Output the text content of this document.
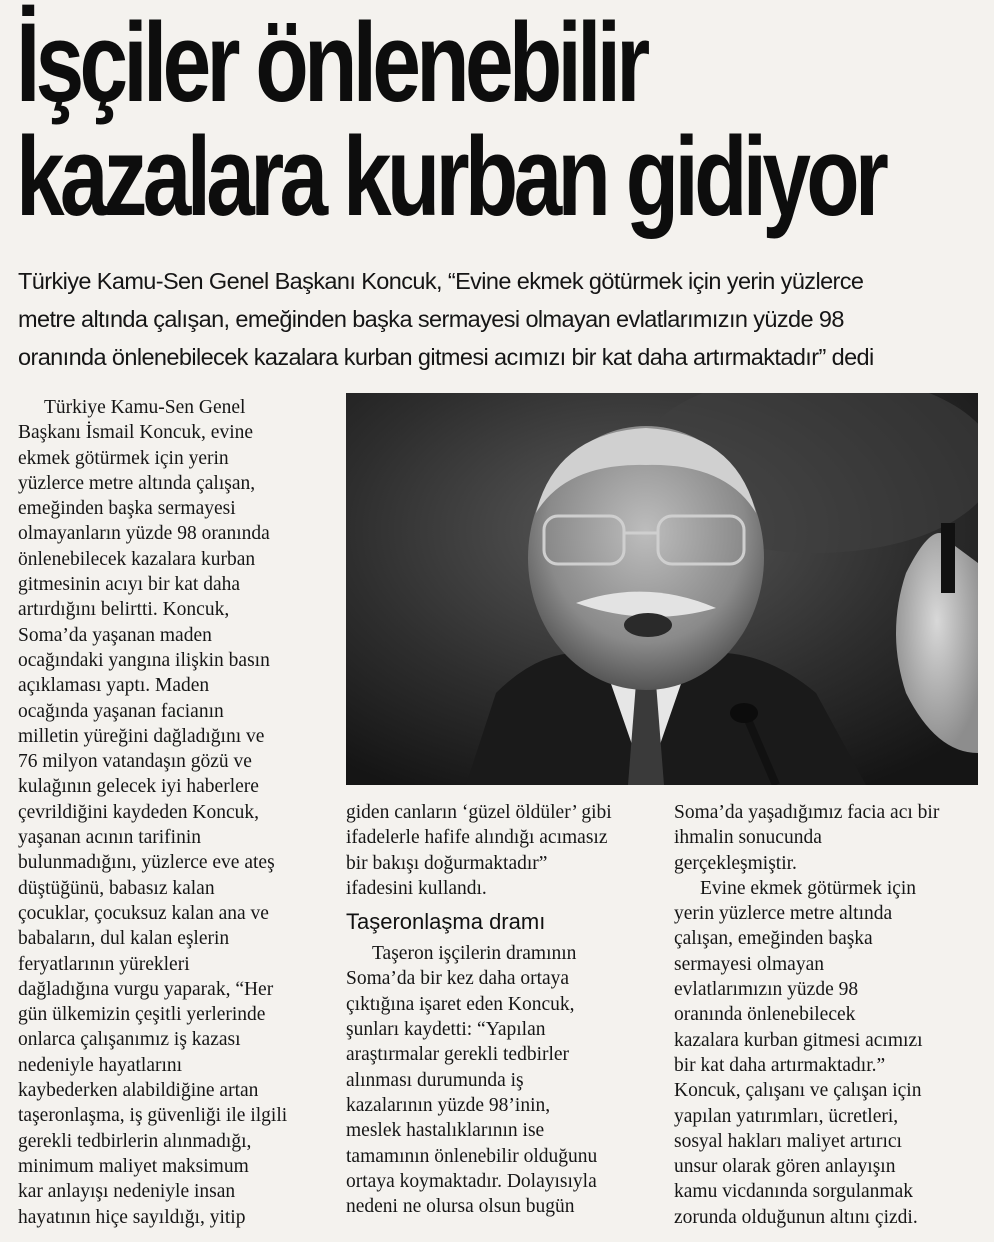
İşçiler önlenebilir
kazalara kurban gidiyor
Türkiye Kamu-Sen Genel Başkanı Koncuk, “Evine ekmek götürmek için yerin yüzlerce
metre altında çalışan, emeğinden başka sermayesi olmayan evlatlarımızın yüzde 98
oranında önlenebilecek kazalara kurban gitmesi acımızı bir kat daha artırmaktadır” dedi
Türkiye Kamu-Sen Genel
Başkanı İsmail Koncuk, evine
ekmek götürmek için yerin
yüzlerce metre altında çalışan,
emeğinden başka sermayesi
olmayanların yüzde 98 oranında
önlenebilecek kazalara kurban
gitmesinin acıyı bir kat daha
artırdığını belirtti. Koncuk,
Soma’da yaşanan maden
ocağındaki yangına ilişkin basın
açıklaması yaptı. Maden
ocağında yaşanan facianın
milletin yüreğini dağladığını ve
76 milyon vatandaşın gözü ve
kulağının gelecek iyi haberlere
çevrildiğini kaydeden Koncuk,
yaşanan acının tarifinin
bulunmadığını, yüzlerce eve ateş
düştüğünü, babasız kalan
çocuklar, çocuksuz kalan ana ve
babaların, dul kalan eşlerin
feryatlarının yürekleri
dağladığına vurgu yaparak, “Her
gün ülkemizin çeşitli yerlerinde
onlarca çalışanımız iş kazası
nedeniyle hayatlarını
kaybederken alabildiğine artan
taşeronlaşma, iş güvenliği ile ilgili
gerekli tedbirlerin alınmadığı,
minimum maliyet maksimum
kar anlayışı nedeniyle insan
hayatının hiçe sayıldığı, yitip
giden canların ‘güzel öldüler’ gibi
ifadelerle hafife alındığı acımasız
bir bakışı doğurmaktadır”
ifadesini kullandı.
Taşeronlaşma dramı
Taşeron işçilerin dramının
Soma’da bir kez daha ortaya
çıktığına işaret eden Koncuk,
şunları kaydetti: “Yapılan
araştırmalar gerekli tedbirler
alınması durumunda iş
kazalarının yüzde 98’inin,
meslek hastalıklarının ise
tamamının önlenebilir olduğunu
ortaya koymaktadır. Dolayısıyla
nedeni ne olursa olsun bugün
Soma’da yaşadığımız facia acı bir
ihmalin sonucunda
gerçekleşmiştir.
Evine ekmek götürmek için
yerin yüzlerce metre altında
çalışan, emeğinden başka
sermayesi olmayan
evlatlarımızın yüzde 98
oranında önlenebilecek
kazalara kurban gitmesi acımızı
bir kat daha artırmaktadır.”
Koncuk, çalışanı ve çalışan için
yapılan yatırımları, ücretleri,
sosyal hakları maliyet artırıcı
unsur olarak gören anlayışın
kamu vicdanında sorgulanmak
zorunda olduğunun altını çizdi.
